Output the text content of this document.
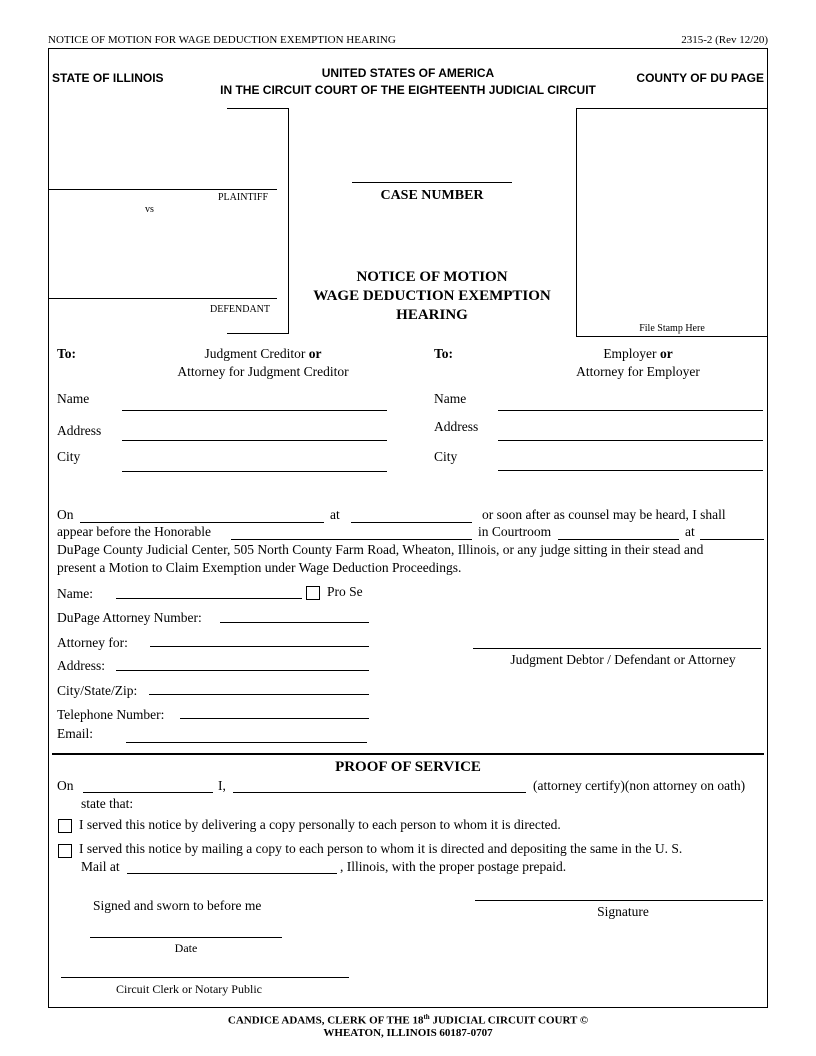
NOTICE OF MOTION FOR WAGE DEDUCTION EXEMPTION HEARING	2315-2 (Rev 12/20)
STATE OF ILLINOIS	UNITED STATES OF AMERICA
IN THE CIRCUIT COURT OF THE EIGHTEENTH JUDICIAL CIRCUIT
COUNTY OF DU PAGE
PLAINTIFF
vs
DEFENDANT
CASE NUMBER
NOTICE OF MOTION
WAGE DEDUCTION EXEMPTION
HEARING
File Stamp Here
To:	Judgment Creditor or
Attorney for Judgment Creditor
Name
Address
City
To:	Employer or
Attorney for Employer
Name
Address
City
On	at	or soon after as counsel may be heard, I shall
appear before the Honorable	in Courtroom	at
DuPage County Judicial Center, 505 North County Farm Road, Wheaton, Illinois, or any judge sitting in their stead and
present a Motion to Claim Exemption under Wage Deduction Proceedings.
Name:	Pro Se
DuPage Attorney Number:
Attorney for:
Address:
City/State/Zip:
Telephone Number:
Email:
Judgment Debtor / Defendant or Attorney
PROOF OF SERVICE
On	I,	(attorney certify)(non attorney on oath)
state that:
I served this notice by delivering a copy personally to each person to whom it is directed.
I served this notice by mailing a copy to each person to whom it is directed and depositing the same in the U. S.
Mail at	, Illinois, with the proper postage prepaid.
Signed and sworn to before me	Signature
Date
Circuit Clerk or Notary Public
CANDICE ADAMS, CLERK OF THE 18th JUDICIAL CIRCUIT COURT ©
WHEATON, ILLINOIS 60187-0707
